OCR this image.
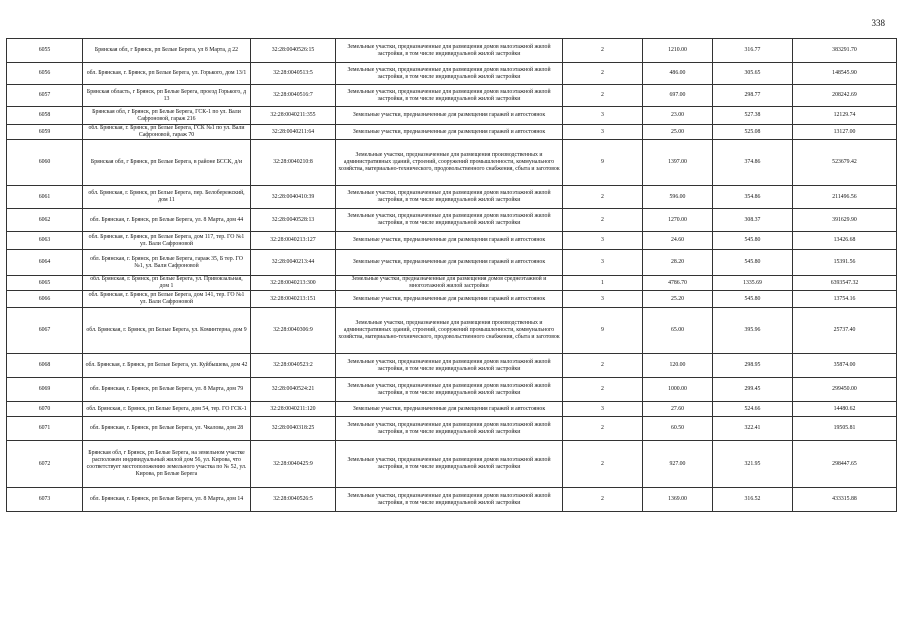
338
6055	Брянская обл, г Брянск, рп Белые Берега, ул 8 Марта, д 22	32:28:0040526:15	Земельные участки, предназначенные для размещения домов малоэтажной жилой застройки, в том числе индивидуальной жилой застройки	2	1210.00	316.77	383291.70
6056	обл. Брянская, г. Брянск, рп Белые Берега, ул. Горького, дом 13/1	32:28:0040513:5	Земельные участки, предназначенные для размещения домов малоэтажной жилой застройки, в том числе индивидуальной жилой застройки	2	486.00	305.65	148545.90
6057	Брянская область, г Брянск, рп Белые Берега, проезд Горького, д 13	32:28:0040516:7	Земельные участки, предназначенные для размещения домов малоэтажной жилой застройки, в том числе индивидуальной жилой застройки	2	697.00	298.77	208242.69
6058	Брянская обл, г Брянск, рп Белые Берега, ГСК-1 по ул. Вали Сафроновой, гараж 216	32:28:0040211:355	Земельные участки, предназначенные для размещения гаражей и автостоянок	3	23.00	527.38	12129.74
6059	обл. Брянская, г. Брянск, рп Белые Берега, ГСК №1 по ул. Вали Сафроновой, гараж 70	32:28:0040211:64	Земельные участки, предназначенные для размещения гаражей и автостоянок	3	25.00	525.08	13127.00
6060	Брянская обл, г Брянск, рп Белые Берега, в районе БССК, д/и	32:28:0040210:8	Земельные участки, предназначенные для размещения производственных и административных зданий, строений, сооружений промышленности, коммунального хозяйства, материально-технического, продовольственного снабжения, сбыта и заготовок	9	1397.00	374.86	523679.42
6061	обл. Брянская, г. Брянск, рп Белые Берега, пер. Белобережский, дом 11	32:28:0040410:39	Земельные участки, предназначенные для размещения домов малоэтажной жилой застройки, в том числе индивидуальной жилой застройки	2	596.00	354.86	211496.56
6062	обл. Брянская, г. Брянск, рп Белые Берега, ул. 8 Марта, дом 44	32:28:0040528:13	Земельные участки, предназначенные для размещения домов малоэтажной жилой застройки, в том числе индивидуальной жилой застройки	2	1270.00	308.37	391629.90
6063	обл. Брянская, г. Брянск, рп Белые Берега, дом 117, тер. ГО №1 ул. Вали Сафроновой	32:28:0040213:127	Земельные участки, предназначенные для размещения гаражей и автостоянок	3	24.60	545.80	13426.68
6064	обл. Брянская, г. Брянск, рп Белые Берега, гараж 35, Б тер. ГО №1, ул. Вали Сафроновой	32:28:0040213:44	Земельные участки, предназначенные для размещения гаражей и автостоянок	3	28.20	545.80	15391.56
6065	обл. Брянская, г. Брянск, рп Белые Берега, ул. Привокзальная, дом 1	32:28:0040213:300	Земельные участки, предназначенные для размещения домов среднеэтажной и многоэтажной жилой застройки	1	4786.70	1335.69	6393547.32
6066	обл. Брянская, г. Брянск, рп Белые Берега, дом 141, тер. ГО №1 ул. Вали Сафроновой	32:28:0040213:151	Земельные участки, предназначенные для размещения гаражей и автостоянок	3	25.20	545.80	13754.16
6067	обл. Брянская, г. Брянск, рп Белые Берега, ул. Коминтерна, дом 9	32:28:0040306:9	Земельные участки, предназначенные для размещения производственных и административных зданий, строений, сооружений промышленности, коммунального хозяйства, материально-технического, продовольственного снабжения, сбыта и заготовок	9	65.00	395.96	25737.40
6068	обл. Брянская, г. Брянск, рп Белые Берега, ул. Куйбышева, дом 42	32:28:0040523:2	Земельные участки, предназначенные для размещения домов малоэтажной жилой застройки, в том числе индивидуальной жилой застройки	2	120.00	298.95	35874.00
6069	обл. Брянская, г. Брянск, рп Белые Берега, ул. 8 Марта, дом 79	32:28:0040524:21	Земельные участки, предназначенные для размещения домов малоэтажной жилой застройки, в том числе индивидуальной жилой застройки	2	1000.00	299.45	299450.00
6070	обл. Брянская, г. Брянск, рп Белые Берега, дом 54, тер. ГО ГСК-1	32:28:0040211:120	Земельные участки, предназначенные для размещения гаражей и автостоянок	3	27.60	524.66	14480.62
6071	обл. Брянская, г. Брянск, рп Белые Берега, ул. Чкалова, дом 28	32:28:0040318:25	Земельные участки, предназначенные для размещения домов малоэтажной жилой застройки, в том числе индивидуальной жилой застройки	2	60.50	322.41	19505.81
6072	Брянская обл, г Брянск, рп Белые Берега, на земельном участке расположен индивидуальный жилой дом 56, ул. Кирова, что соответствует местоположению земельного участка по № 52, ул. Кирова, рп Белые Берега	32:28:0040425:9	Земельные участки, предназначенные для размещения домов малоэтажной жилой застройки, в том числе индивидуальной жилой застройки	2	927.00	321.95	298447.65
6073	обл. Брянская, г. Брянск, рп Белые Берега, ул. 8 Марта, дом 14	32:28:0040526:5	Земельные участки, предназначенные для размещения домов малоэтажной жилой застройки, в том числе индивидуальной жилой застройки	2	1369.00	316.52	433315.88
